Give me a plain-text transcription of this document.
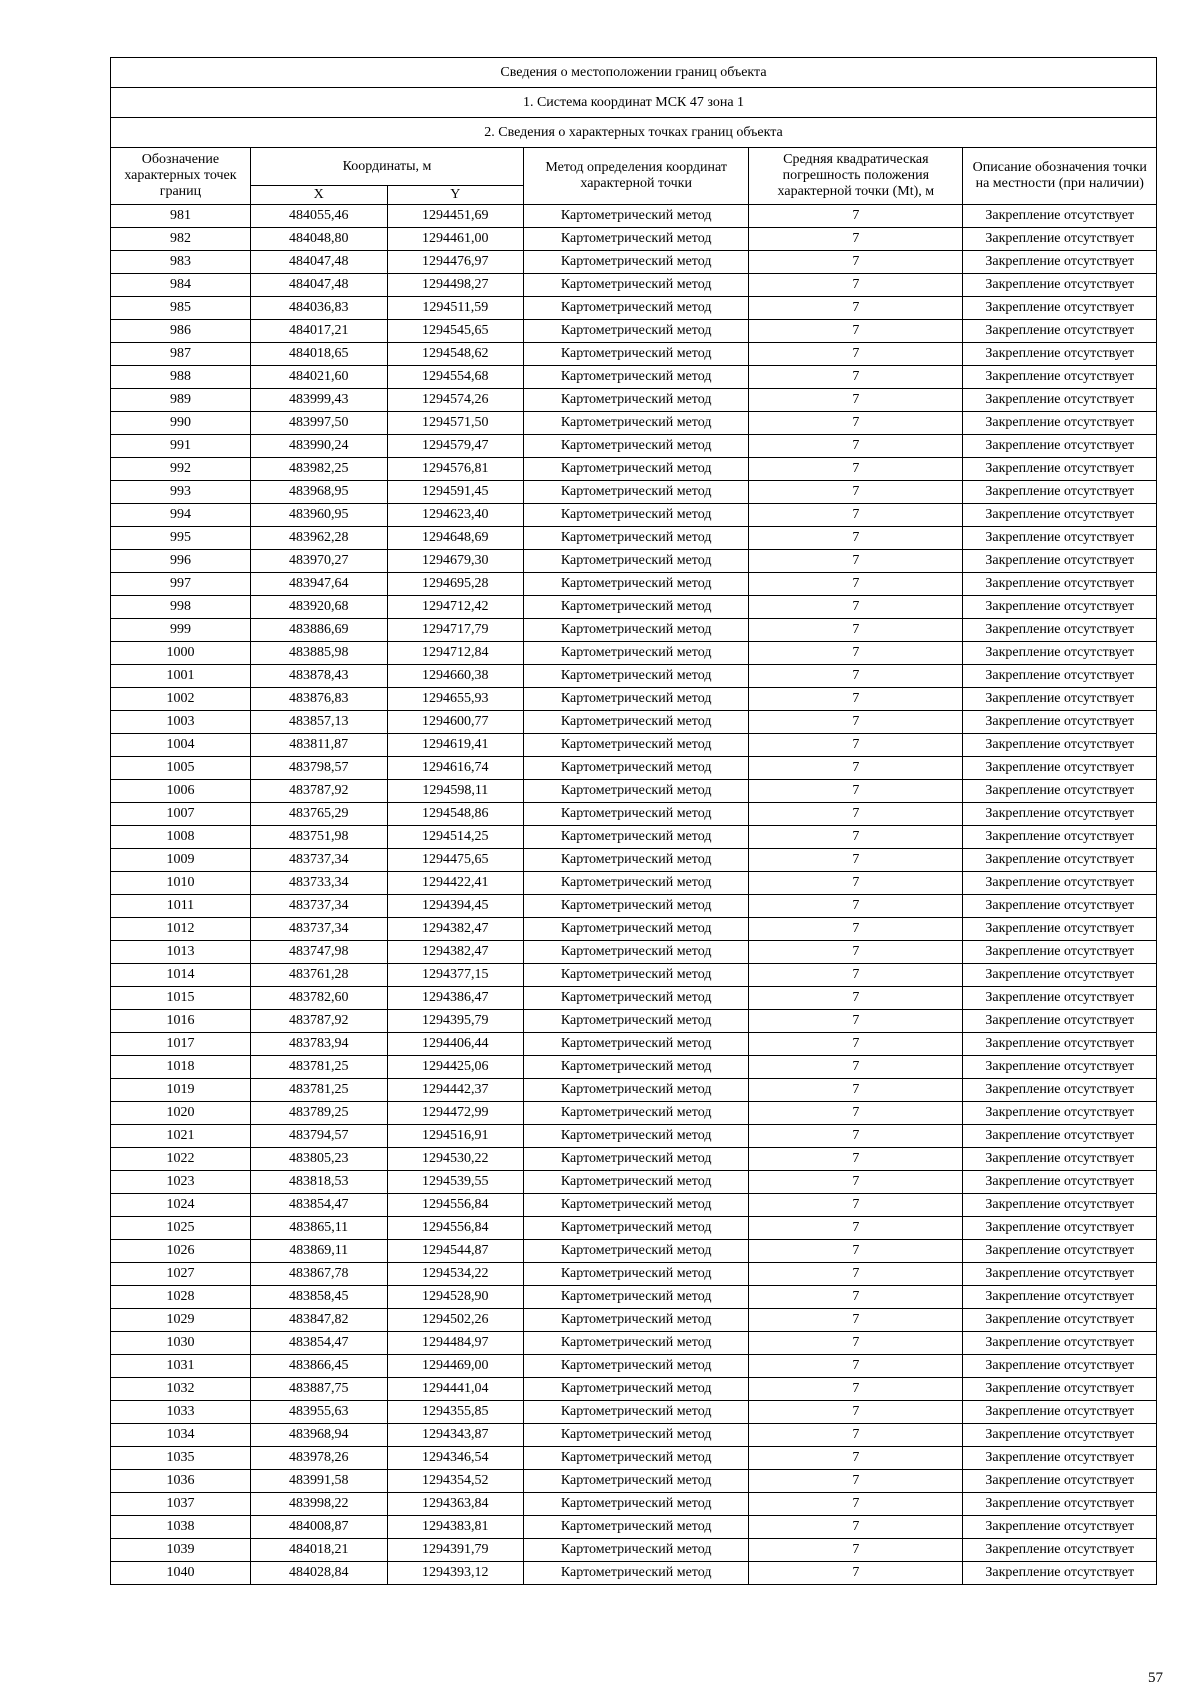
Сведения о местоположении границ объекта					
1. Система координат МСК 47 зона 1					
2. Сведения о характерных точках границ объекта					
Обозначение характерных точек границ	Координаты, м		Метод определения координат характерной точки	Средняя квадратическая погрешность положения характерной точки (Mt), м	Описание обозначения точки на местности (при наличии)
	X	Y			
981	484055,46	1294451,69	Картометрический метод	7	Закрепление отсутствует
982	484048,80	1294461,00	Картометрический метод	7	Закрепление отсутствует
983	484047,48	1294476,97	Картометрический метод	7	Закрепление отсутствует
984	484047,48	1294498,27	Картометрический метод	7	Закрепление отсутствует
985	484036,83	1294511,59	Картометрический метод	7	Закрепление отсутствует
986	484017,21	1294545,65	Картометрический метод	7	Закрепление отсутствует
987	484018,65	1294548,62	Картометрический метод	7	Закрепление отсутствует
988	484021,60	1294554,68	Картометрический метод	7	Закрепление отсутствует
989	483999,43	1294574,26	Картометрический метод	7	Закрепление отсутствует
990	483997,50	1294571,50	Картометрический метод	7	Закрепление отсутствует
991	483990,24	1294579,47	Картометрический метод	7	Закрепление отсутствует
992	483982,25	1294576,81	Картометрический метод	7	Закрепление отсутствует
993	483968,95	1294591,45	Картометрический метод	7	Закрепление отсутствует
994	483960,95	1294623,40	Картометрический метод	7	Закрепление отсутствует
995	483962,28	1294648,69	Картометрический метод	7	Закрепление отсутствует
996	483970,27	1294679,30	Картометрический метод	7	Закрепление отсутствует
997	483947,64	1294695,28	Картометрический метод	7	Закрепление отсутствует
998	483920,68	1294712,42	Картометрический метод	7	Закрепление отсутствует
999	483886,69	1294717,79	Картометрический метод	7	Закрепление отсутствует
1000	483885,98	1294712,84	Картометрический метод	7	Закрепление отсутствует
1001	483878,43	1294660,38	Картометрический метод	7	Закрепление отсутствует
1002	483876,83	1294655,93	Картометрический метод	7	Закрепление отсутствует
1003	483857,13	1294600,77	Картометрический метод	7	Закрепление отсутствует
1004	483811,87	1294619,41	Картометрический метод	7	Закрепление отсутствует
1005	483798,57	1294616,74	Картометрический метод	7	Закрепление отсутствует
1006	483787,92	1294598,11	Картометрический метод	7	Закрепление отсутствует
1007	483765,29	1294548,86	Картометрический метод	7	Закрепление отсутствует
1008	483751,98	1294514,25	Картометрический метод	7	Закрепление отсутствует
1009	483737,34	1294475,65	Картометрический метод	7	Закрепление отсутствует
1010	483733,34	1294422,41	Картометрический метод	7	Закрепление отсутствует
1011	483737,34	1294394,45	Картометрический метод	7	Закрепление отсутствует
1012	483737,34	1294382,47	Картометрический метод	7	Закрепление отсутствует
1013	483747,98	1294382,47	Картометрический метод	7	Закрепление отсутствует
1014	483761,28	1294377,15	Картометрический метод	7	Закрепление отсутствует
1015	483782,60	1294386,47	Картометрический метод	7	Закрепление отсутствует
1016	483787,92	1294395,79	Картометрический метод	7	Закрепление отсутствует
1017	483783,94	1294406,44	Картометрический метод	7	Закрепление отсутствует
1018	483781,25	1294425,06	Картометрический метод	7	Закрепление отсутствует
1019	483781,25	1294442,37	Картометрический метод	7	Закрепление отсутствует
1020	483789,25	1294472,99	Картометрический метод	7	Закрепление отсутствует
1021	483794,57	1294516,91	Картометрический метод	7	Закрепление отсутствует
1022	483805,23	1294530,22	Картометрический метод	7	Закрепление отсутствует
1023	483818,53	1294539,55	Картометрический метод	7	Закрепление отсутствует
1024	483854,47	1294556,84	Картометрический метод	7	Закрепление отсутствует
1025	483865,11	1294556,84	Картометрический метод	7	Закрепление отсутствует
1026	483869,11	1294544,87	Картометрический метод	7	Закрепление отсутствует
1027	483867,78	1294534,22	Картометрический метод	7	Закрепление отсутствует
1028	483858,45	1294528,90	Картометрический метод	7	Закрепление отсутствует
1029	483847,82	1294502,26	Картометрический метод	7	Закрепление отсутствует
1030	483854,47	1294484,97	Картометрический метод	7	Закрепление отсутствует
1031	483866,45	1294469,00	Картометрический метод	7	Закрепление отсутствует
1032	483887,75	1294441,04	Картометрический метод	7	Закрепление отсутствует
1033	483955,63	1294355,85	Картометрический метод	7	Закрепление отсутствует
1034	483968,94	1294343,87	Картометрический метод	7	Закрепление отсутствует
1035	483978,26	1294346,54	Картометрический метод	7	Закрепление отсутствует
1036	483991,58	1294354,52	Картометрический метод	7	Закрепление отсутствует
1037	483998,22	1294363,84	Картометрический метод	7	Закрепление отсутствует
1038	484008,87	1294383,81	Картометрический метод	7	Закрепление отсутствует
1039	484018,21	1294391,79	Картометрический метод	7	Закрепление отсутствует
1040	484028,84	1294393,12	Картометрический метод	7	Закрепление отсутствует
57
